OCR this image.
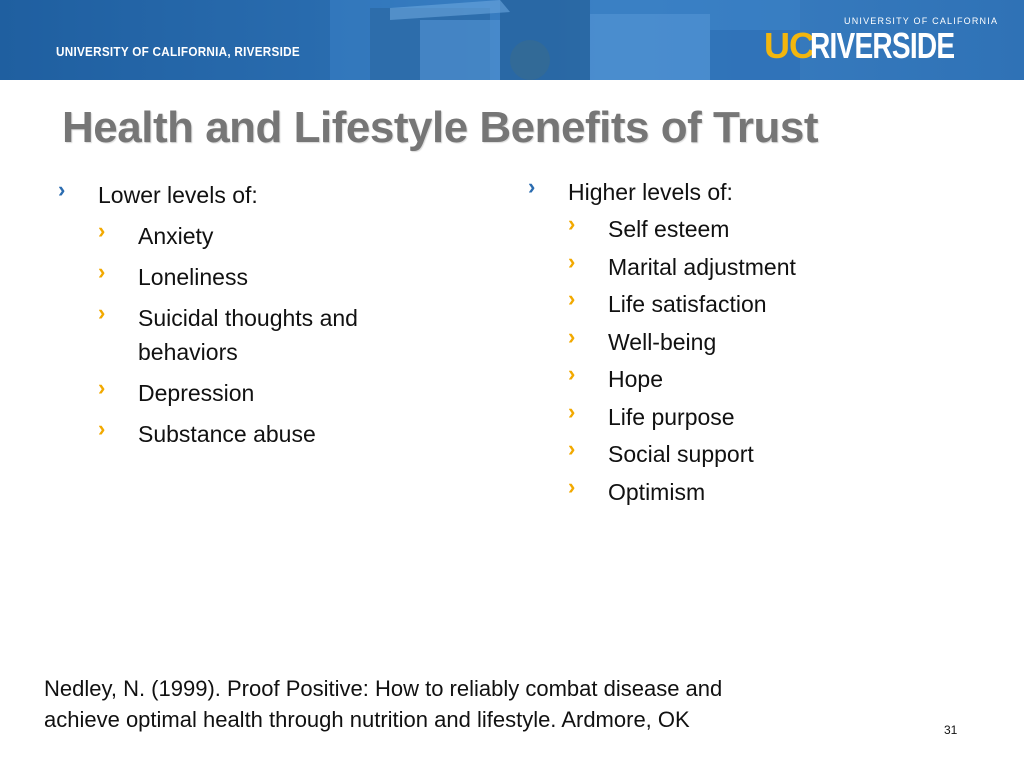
UNIVERSITY OF CALIFORNIA, RIVERSIDE
UNIVERSITY OF CALIFORNIA
UC
RIVERSIDE
Health and Lifestyle Benefits of Trust
›	Lower levels of:
›	Anxiety
›	Loneliness
›	Suicidal thoughts and
behaviors
›	Depression
›	Substance abuse
›	Higher levels of:
›	Self esteem
›	Marital adjustment
›	Life satisfaction
›	Well-being
›	Hope
›	Life purpose
›	Social support
›	Optimism
Nedley, N. (1999). Proof Positive: How to reliably combat disease and
achieve optimal health through nutrition and lifestyle. Ardmore, OK	31
